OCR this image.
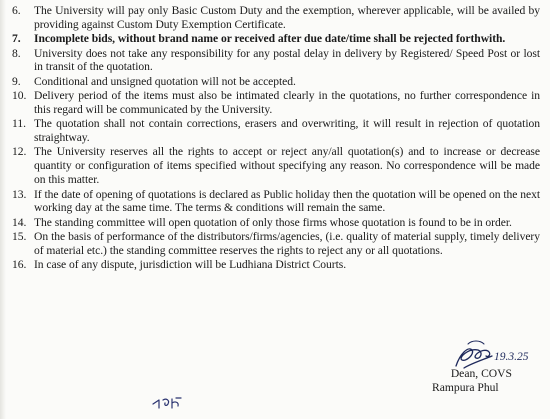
6.	The University will pay only Basic Custom Duty and the exemption, wherever applicable, will be availed by providing against Custom Duty Exemption Certificate.
7.	Incomplete bids, without brand name or received after due date/time shall be rejected forthwith.
8.	University does not take any responsibility for any postal delay in delivery by Registered/ Speed Post or lost in transit of the quotation.
9.	Conditional and unsigned quotation will not be accepted.
10. Delivery period of the items must also be intimated clearly in the quotations, no further correspondence in this regard will be communicated by the University.
11. The quotation shall not contain corrections, erasers and overwriting, it will result in rejection of quotation straightway.
12. The University reserves all the rights to accept or reject any/all quotation(s) and to increase or decrease quantity or configuration of items specified without specifying any reason. No correspondence will be made on this matter.
13. If the date of opening of quotations is declared as Public holiday then the quotation will be opened on the next working day at the same time. The terms & conditions will remain the same.
14. The standing committee will open quotation of only those firms whose quotation is found to be in order.
15. On the basis of performance of the distributors/firms/agencies, (i.e. quality of material supply, timely delivery of material etc.) the standing committee reserves the rights to reject any or all quotations.
16. In case of any dispute, jurisdiction will be Ludhiana District Courts.
19.3.25
Dean, COVS
Rampura Phul
